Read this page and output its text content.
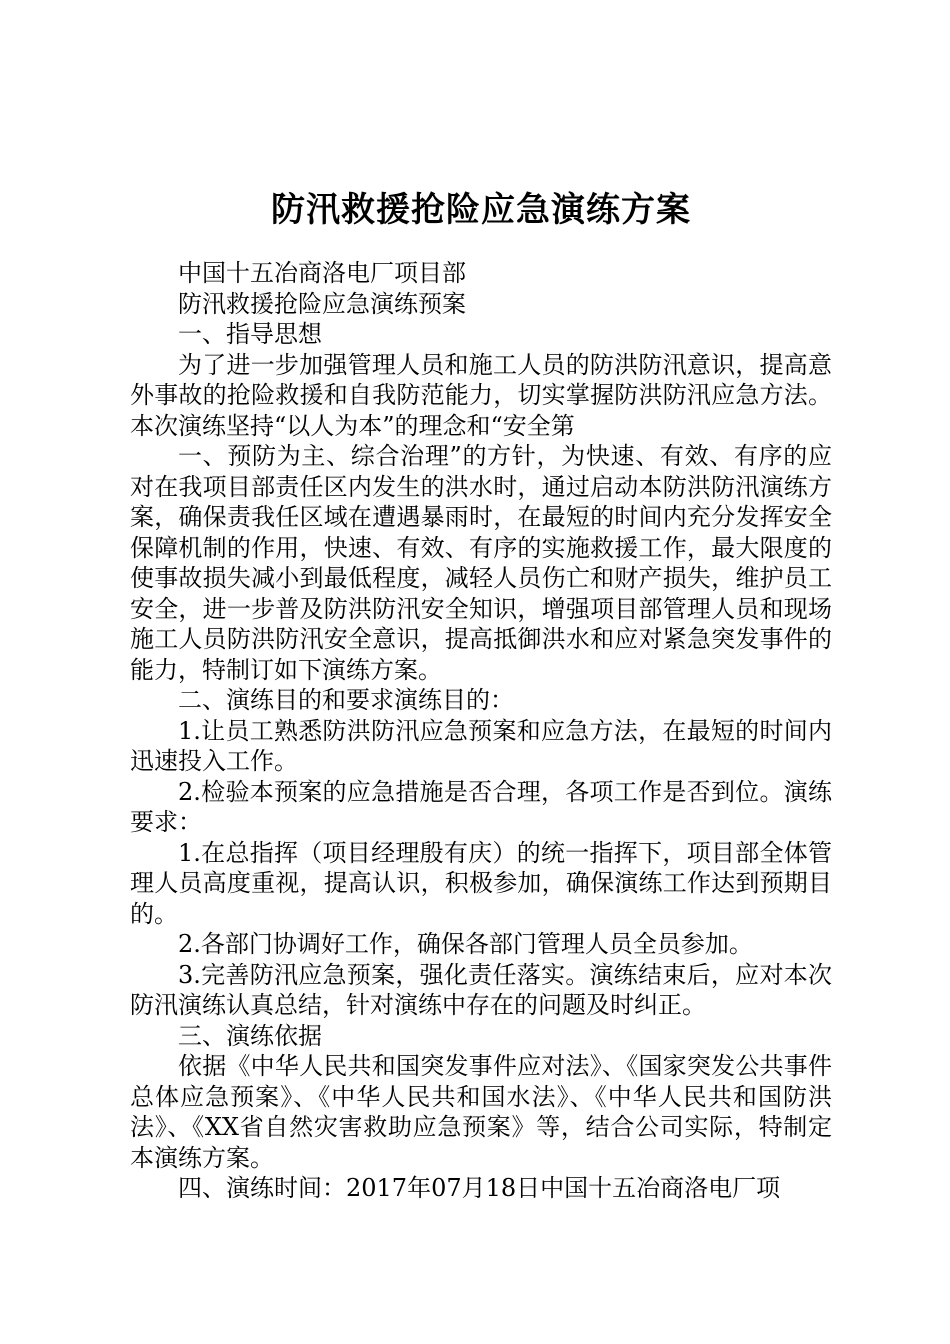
防汛救援抢险应急演练方案

中国十五冶商洛电厂项目部

防汛救援抢险应急演练预案

一、指导思想

为了进一步加强管理人员和施工人员的防洪防汛意识，提高意外事故的抢险救援和自我防范能力，切实掌握防洪防汛应急方法。本次演练坚持“以人为本”的理念和“安全第

一、预防为主、综合治理”的方针，为快速、有效、有序的应对在我项目部责任区内发生的洪水时，通过启动本防洪防汛演练方案，确保责我任区域在遭遇暴雨时，在最短的时间内充分发挥安全保障机制的作用，快速、有效、有序的实施救援工作，最大限度的使事故损失减小到最低程度，减轻人员伤亡和财产损失，维护员工安全，进一步普及防洪防汛安全知识，增强项目部管理人员和现场施工人员防洪防汛安全意识，提高抵御洪水和应对紧急突发事件的能力，特制订如下演练方案。

二、演练目的和要求演练目的：

1.让员工熟悉防洪防汛应急预案和应急方法，在最短的时间内迅速投入工作。

2.检验本预案的应急措施是否合理，各项工作是否到位。演练要求：

1.在总指挥（项目经理殷有庆）的统一指挥下，项目部全体管理人员高度重视，提高认识，积极参加，确保演练工作达到预期目的。

2.各部门协调好工作，确保各部门管理人员全员参加。

3.完善防汛应急预案，强化责任落实。演练结束后，应对本次防汛演练认真总结，针对演练中存在的问题及时纠正。

三、演练依据

依据《中华人民共和国突发事件应对法》、《国家突发公共事件总体应急预案》、《中华人民共和国水法》、《中华人民共和国防洪法》、《XX省自然灾害救助应急预案》等，结合公司实际，特制定本演练方案。

四、演练时间：2017年07月18日中国十五冶商洛电厂项
